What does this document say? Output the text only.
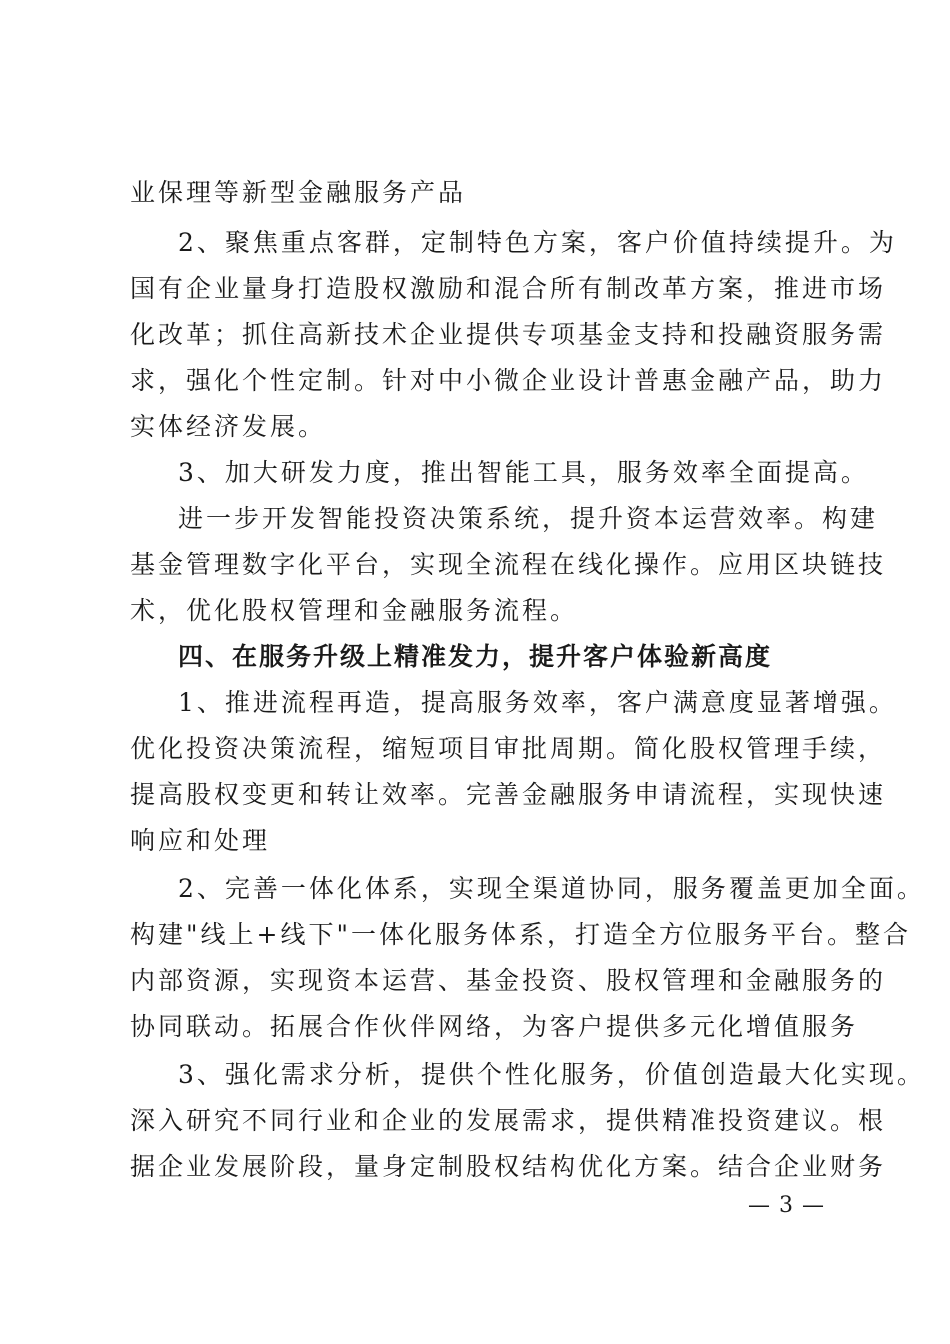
业保理等新型金融服务产品
2、聚焦重点客群，定制特色方案，客户价值持续提升。为
国有企业量身打造股权激励和混合所有制改革方案，推进市场
化改革；抓住高新技术企业提供专项基金支持和投融资服务需
求，强化个性定制。针对中小微企业设计普惠金融产品，助力
实体经济发展。
3、加大研发力度，推出智能工具，服务效率全面提高。
进一步开发智能投资决策系统，提升资本运营效率。构建
基金管理数字化平台，实现全流程在线化操作。应用区块链技
术，优化股权管理和金融服务流程。
四、在服务升级上精准发力，提升客户体验新高度
1、推进流程再造，提高服务效率，客户满意度显著增强。
优化投资决策流程，缩短项目审批周期。简化股权管理手续，
提高股权变更和转让效率。完善金融服务申请流程，实现快速
响应和处理
2、完善一体化体系，实现全渠道协同，服务覆盖更加全面。
构建"线上+线下"一体化服务体系，打造全方位服务平台。整合
内部资源，实现资本运营、基金投资、股权管理和金融服务的
协同联动。拓展合作伙伴网络，为客户提供多元化增值服务
3、强化需求分析，提供个性化服务，价值创造最大化实现。
深入研究不同行业和企业的发展需求，提供精准投资建议。根
据企业发展阶段，量身定制股权结构优化方案。结合企业财务
— 3 —
